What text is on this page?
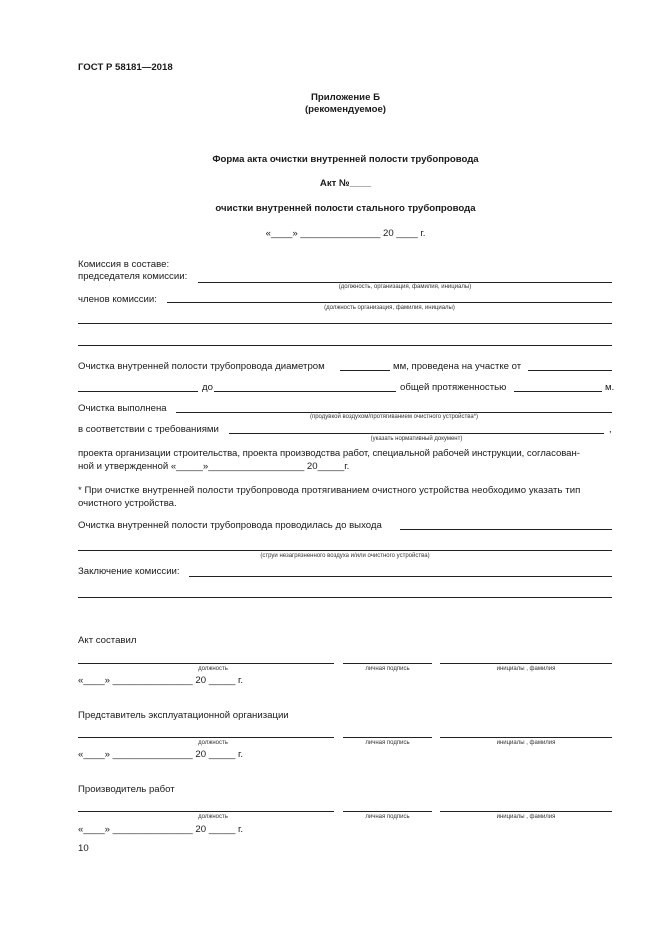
ГОСТ Р 58181—2018
Приложение Б
(рекомендуемое)
Форма акта очистки внутренней полости трубопровода
Акт №____
очистки внутренней полости стального трубопровода
«____» _______________ 20 ____ г.
Комиссия в составе:
председателя комиссии:
(должность, организация, фамилия, инициалы)
членов комиссии:
(должность организация, фамилия, инициалы)
Очистка внутренней полости трубопровода диаметром	мм, проведена на участке от
до	общей протяженностью	м.
Очистка выполнена
(продувкой воздухом/протягиванием очистного устройства*)
в соответствии с требованиями	,
(указать нормативный документ)
проекта организации строительства, проекта производства работ, специальной рабочей инструкции, согласован-
ной и утвержденной «_____»__________________ 20_____г.
* При очистке внутренней полости трубопровода протягиванием очистного устройства необходимо указать тип
очистного устройства.
Очистка внутренней полости трубопровода проводилась до выхода
(струи незагрязненного воздуха и/или очистного устройства)
Заключение комиссии:
Акт составил
должность	личная подпись	инициалы , фамилия
«____» _______________ 20 _____ г.
Представитель эксплуатационной организации
должность	личная подпись	инициалы , фамилия
«____» _______________ 20 _____ г.
Производитель работ
должность	личная подпись	инициалы , фамилия
«____» _______________ 20 _____ г.
10
